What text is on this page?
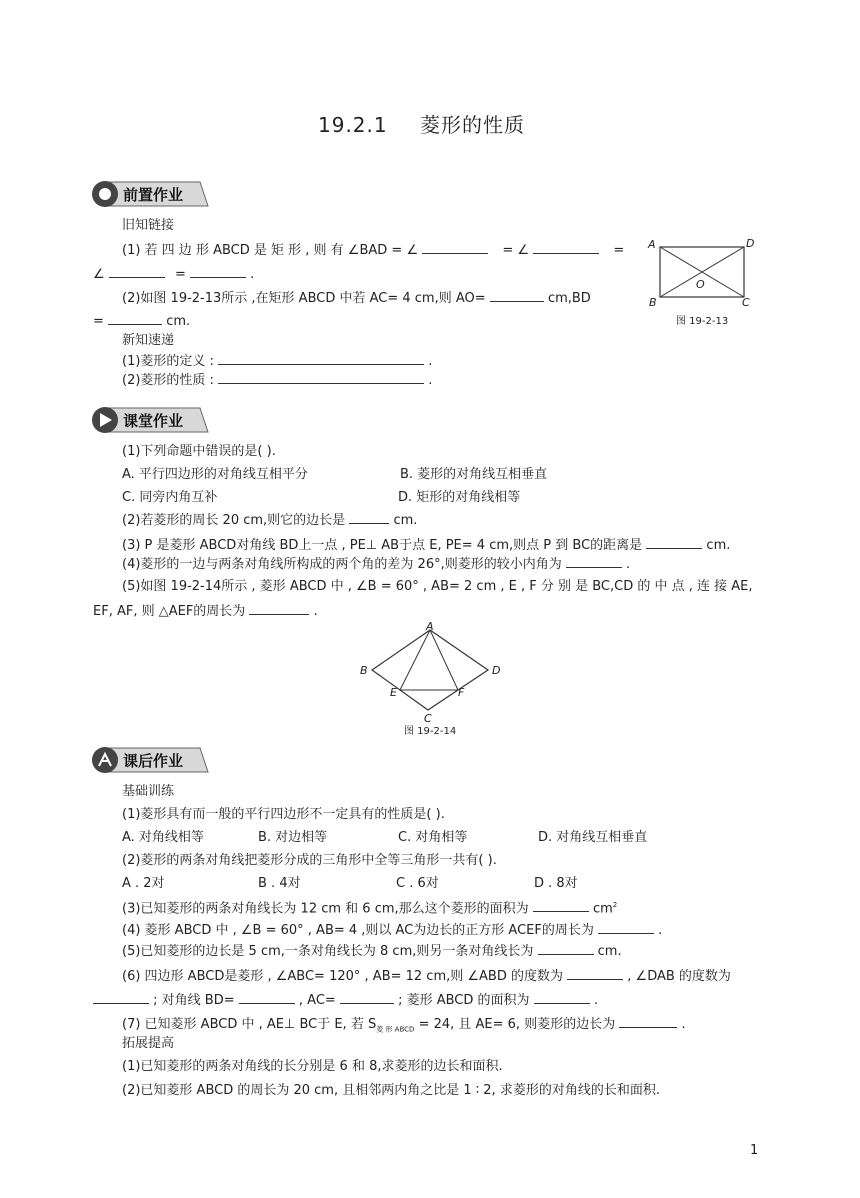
19.2.1 菱形的性质
前置作业
旧知链接
(1) 若 四 边 形 ABCD 是 矩 形 , 则 有 ∠BAD = ∠	= ∠	=
∠	=	.
(2)如图 19-2-13所示 ,在矩形 ABCD 中若 AC= 4 cm,则 AO=	cm,BD
=	cm.
新知速递
(1)菱形的定义 :	.
(2)菱形的性质 :	.
A	D
B	C
O
图 19-2-13
课堂作业
(1)下列命题中错误的是( ).
A. 平行四边形的对角线互相平分	B. 菱形的对角线互相垂直
C. 同旁内角互补	D. 矩形的对角线相等
(2)若菱形的周长 20 cm,则它的边长是	cm.
(3) P 是菱形 ABCD对角线 BD上一点 , PE⊥ AB于点 E, PE= 4 cm,则点 P 到 BC的距离是	cm.
(4)菱形的一边与两条对角线所构成的两个角的差为 26°,则菱形的较小内角为	.
(5)如图 19-2-14所示 , 菱形 ABCD 中 , ∠B = 60° , AB= 2 cm , E , F 分 别 是 BC,CD 的 中 点 , 连 接 AE,
EF, AF, 则 △AEF的周长为	.
A
B	D
C
E	F
图 19-2-14
课后作业
基础训练
(1)菱形具有而一般的平行四边形不一定具有的性质是( ).
A. 对角线相等	B. 对边相等	C. 对角相等	D. 对角线互相垂直
(2)菱形的两条对角线把菱形分成的三角形中全等三角形一共有( ).
A . 2对	B . 4对	C . 6对	D . 8对
(3)已知菱形的两条对角线长为 12 cm 和 6 cm,那么这个菱形的面积为	$cm^2$
(4) 菱形 ABCD 中 , ∠B = 60° , AB= 4 ,则以 AC为边长的正方形 ACEF的周长为	.
(5)已知菱形的边长是 5 cm,一条对角线长为 8 cm,则另一条对角线长为	cm.
(6) 四边形 ABCD是菱形 , ∠ABC= 120° , AB= 12 cm,则 ∠ABD 的度数为	, ∠DAB 的度数为
; 对角线 BD=	, AC=	; 菱形 ABCD 的面积为	.
(7) 已知菱形 ABCD 中 , AE⊥ BC于 E, 若 $S_{菱 形 ABCD} = 24$, 且 AE= 6, 则菱形的边长为	.
拓展提高
(1)已知菱形的两条对角线的长分别是 6 和 8,求菱形的边长和面积.
(2)已知菱形 ABCD 的周长为 20 cm, 且相邻两内角之比是 1 ∶ 2, 求菱形的对角线的长和面积.
1
